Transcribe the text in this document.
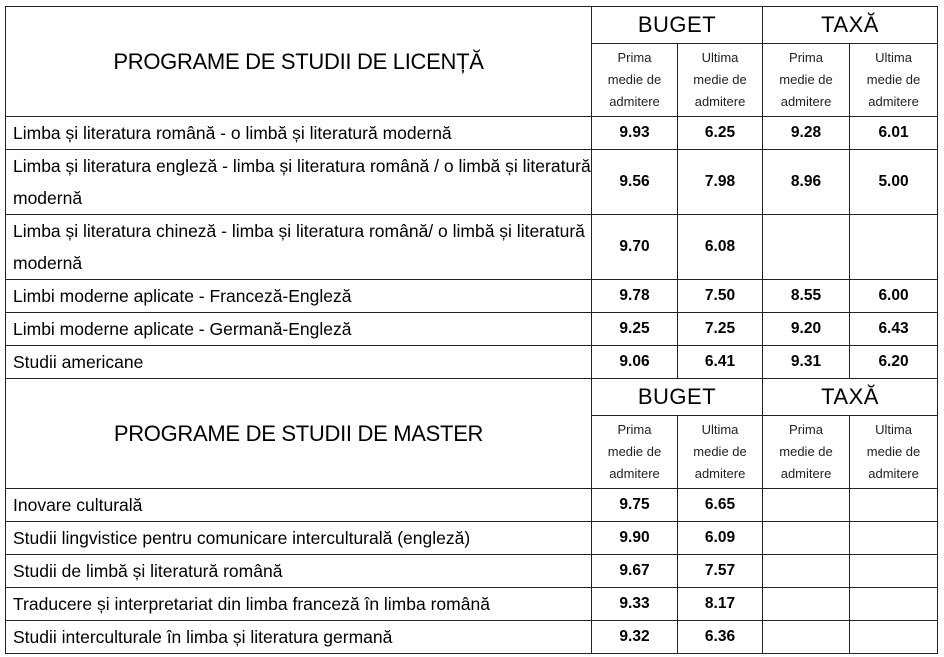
PROGRAME DE STUDII DE LICENȚĂ	BUGET		TAXĂ	

	Prima
medie de
admitere	Ultima
medie de
admitere	Prima
medie de
admitere	Ultima
medie de
admitere

Limba și literatura română - o limbă și literatură modernă	9.93	6.25	9.28	6.01
Limba și literatura engleză - limba și literatura română / o limbă și literatură modernă	9.56	7.98	8.96	5.00
Limba și literatura chineză - limba și literatura română/ o limbă și literatură modernă	9.70	6.08		
Limbi moderne aplicate - Franceză-Engleză	9.78	7.50	8.55	6.00
Limbi moderne aplicate - Germană-Engleză	9.25	7.25	9.20	6.43
Studii americane	9.06	6.41	9.31	6.20
PROGRAME DE STUDII DE MASTER	BUGET		TAXĂ	

	Prima
medie de
admitere	Ultima
medie de
admitere	Prima
medie de
admitere	Ultima
medie de
admitere

Inovare culturală	9.75	6.65		
Studii lingvistice pentru comunicare interculturală (engleză)	9.90	6.09		
Studii de limbă și literatură română	9.67	7.57		
Traducere și interpretariat din limba franceză în limba română	9.33	8.17		
Studii interculturale în limba și literatura germană	9.32	6.36		
